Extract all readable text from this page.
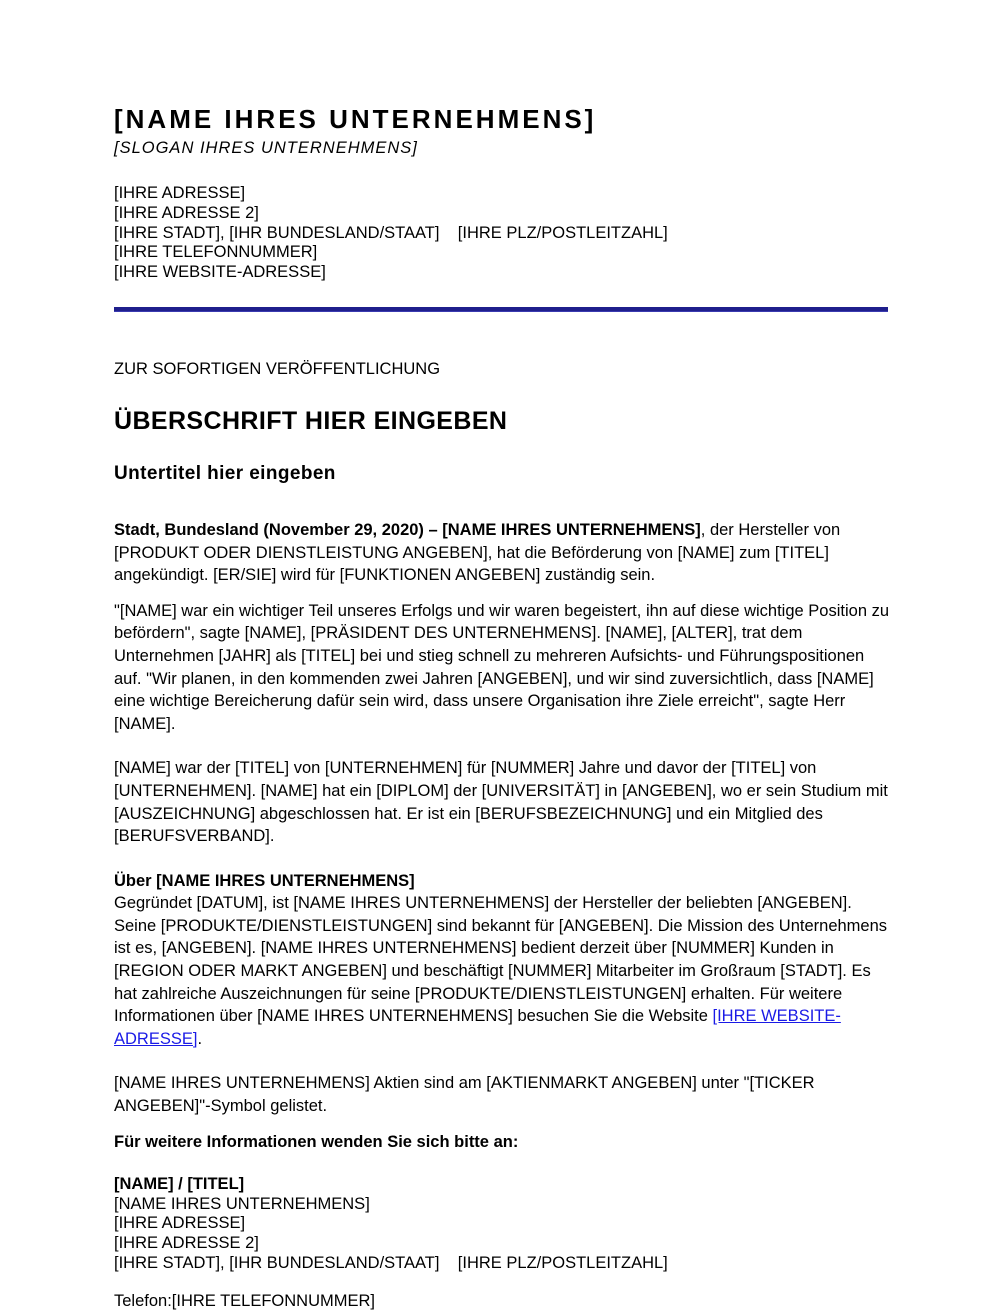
[NAME IHRES UNTERNEHMENS]
[SLOGAN IHRES UNTERNEHMENS]
[IHRE ADRESSE]
[IHRE ADRESSE 2]
[IHRE STADT], [IHR BUNDESLAND/STAAT]    [IHRE PLZ/POSTLEITZAHL]
[IHRE TELEFONNUMMER]
[IHRE WEBSITE-ADRESSE]
ZUR SOFORTIGEN VERÖFFENTLICHUNG
ÜBERSCHRIFT HIER EINGEBEN
Untertitel hier eingeben

Stadt, Bundesland (November 29, 2020) – [NAME IHRES UNTERNEHMENS], der Hersteller von [PRODUKT ODER DIENSTLEISTUNG ANGEBEN], hat die Beförderung von [NAME] zum [TITEL] angekündigt. [ER/SIE] wird für [FUNKTIONEN ANGEBEN] zuständig sein.

"[NAME] war ein wichtiger Teil unseres Erfolgs und wir waren begeistert, ihn auf diese wichtige Position zu befördern", sagte [NAME], [PRÄSIDENT DES UNTERNEHMENS]. [NAME], [ALTER], trat dem Unternehmen [JAHR] als [TITEL] bei und stieg schnell zu mehreren Aufsichts- und Führungspositionen auf. "Wir planen, in den kommenden zwei Jahren [ANGEBEN], und wir sind zuversichtlich, dass [NAME] eine wichtige Bereicherung dafür sein wird, dass unsere Organisation ihre Ziele erreicht", sagte Herr [NAME].

[NAME] war der [TITEL] von [UNTERNEHMEN] für [NUMMER] Jahre und davor der [TITEL] von [UNTERNEHMEN]. [NAME] hat ein [DIPLOM] der [UNIVERSITÄT] in [ANGEBEN], wo er sein Studium mit [AUSZEICHNUNG] abgeschlossen hat. Er ist ein [BERUFSBEZEICHNUNG] und ein Mitglied des [BERUFSVERBAND].

Über [NAME IHRES UNTERNEHMENS]

Gegründet [DATUM], ist [NAME IHRES UNTERNEHMENS] der Hersteller der beliebten [ANGEBEN]. Seine [PRODUKTE/DIENSTLEISTUNGEN] sind bekannt für [ANGEBEN]. Die Mission des Unternehmens ist es, [ANGEBEN]. [NAME IHRES UNTERNEHMENS] bedient derzeit über [NUMMER] Kunden in [REGION ODER MARKT ANGEBEN] und beschäftigt [NUMMER] Mitarbeiter im Großraum [STADT]. Es hat zahlreiche Auszeichnungen für seine [PRODUKTE/DIENSTLEISTUNGEN] erhalten. Für weitere Informationen über [NAME IHRES UNTERNEHMENS] besuchen Sie die Website [IHRE WEBSITE-ADRESSE].

[NAME IHRES UNTERNEHMENS] Aktien sind am [AKTIENMARKT ANGEBEN] unter "[TICKER ANGEBEN]"-Symbol gelistet.

Für weitere Informationen wenden Sie sich bitte an:

[NAME] / [TITEL]
[NAME IHRES UNTERNEHMENS]
[IHRE ADRESSE]
[IHRE ADRESSE 2]
[IHRE STADT], [IHR BUNDESLAND/STAAT]    [IHRE PLZ/POSTLEITZAHL]
Telefon:[IHRE TELEFONNUMMER]
